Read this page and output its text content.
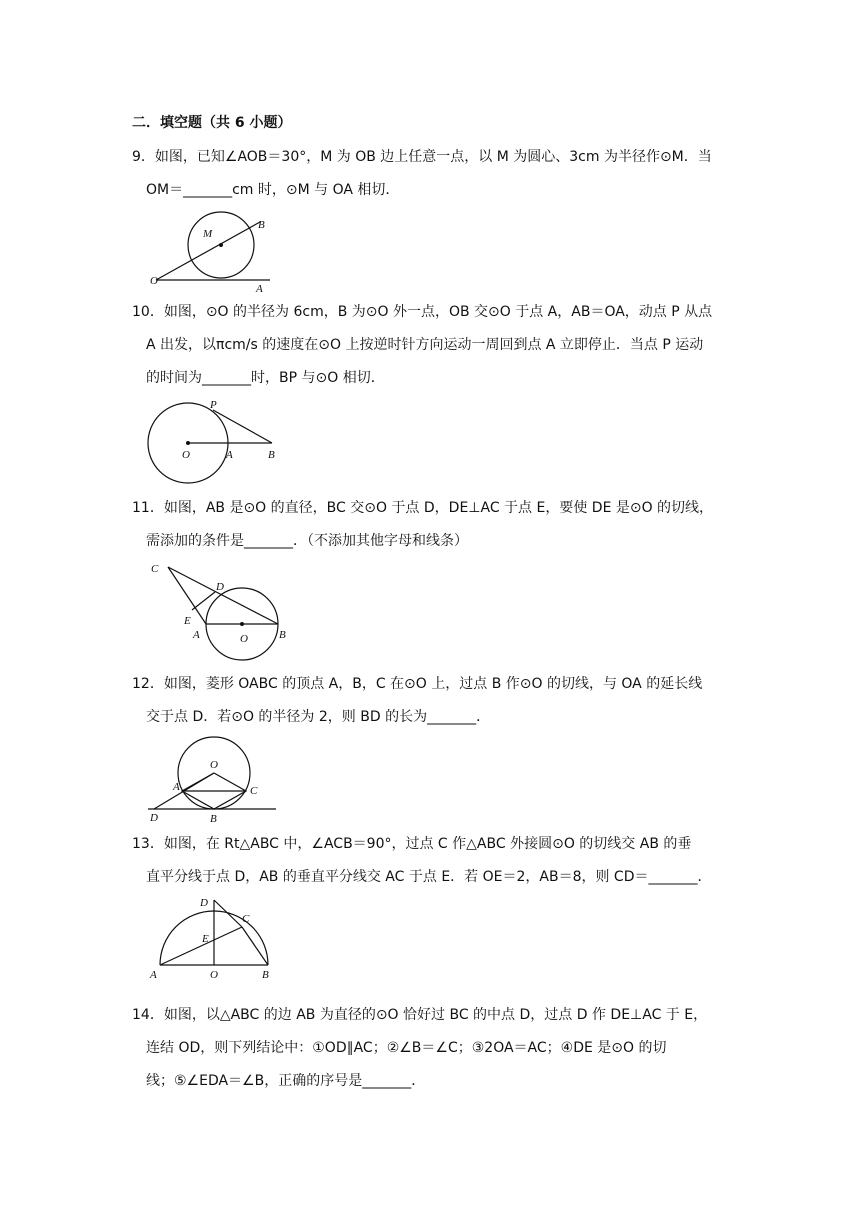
二．填空题（共 6 小题）
9．如图，已知∠AOB＝30°，M 为 OB 边上任意一点，以 M 为圆心、3cm 为半径作⊙M．当
OM＝_______cm 时，⊙M 与 OA 相切．
O
A
B
M
10．如图，⊙O 的半径为 6cm，B 为⊙O 外一点，OB 交⊙O 于点 A，AB＝OA，动点 P 从点
A 出发，以πcm/s 的速度在⊙O 上按逆时针方向运动一周回到点 A 立即停止．当点 P 运动
的时间为_______时，BP 与⊙O 相切．
O	A	B
P
11．如图，AB 是⊙O 的直径，BC 交⊙O 于点 D，DE⊥AC 于点 E，要使 DE 是⊙O 的切线，
需添加的条件是_______．（不添加其他字母和线条）
C
D
E
A	O	B
12．如图，菱形 OABC 的顶点 A，B，C 在⊙O 上，过点 B 作⊙O 的切线，与 OA 的延长线
交于点 D．若⊙O 的半径为 2，则 BD 的长为_______．
O
A
B
C
D
13．如图，在 Rt△ABC 中，∠ACB＝90°，过点 C 作△ABC 外接圆⊙O 的切线交 AB 的垂
直平分线于点 D，AB 的垂直平分线交 AC 于点 E．若 OE＝2，AB＝8，则 CD＝_______．
D
C
E
A	O	B
14．如图，以△ABC 的边 AB 为直径的⊙O 恰好过 BC 的中点 D，过点 D 作 DE⊥AC 于 E，
连结 OD，则下列结论中：①OD∥AC；②∠B＝∠C；③2OA＝AC；④DE 是⊙O 的切
线；⑤∠EDA＝∠B，正确的序号是_______．
